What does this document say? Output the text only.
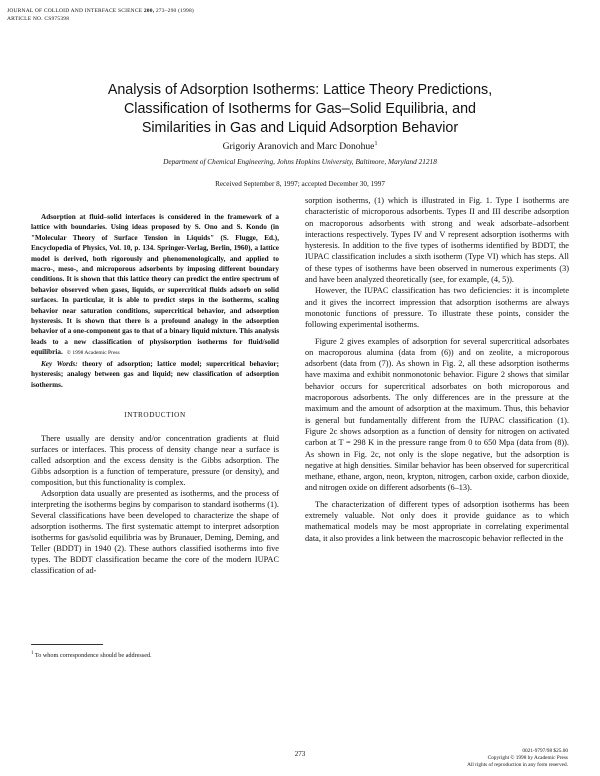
JOURNAL OF COLLOID AND INTERFACE SCIENCE 200, 273–290 (1998)
ARTICLE NO. CS975398
Analysis of Adsorption Isotherms: Lattice Theory Predictions,
Classification of Isotherms for Gas–Solid Equilibria, and
Similarities in Gas and Liquid Adsorption Behavior
Grigoriy Aranovich and Marc Donohue$^1$
Department of Chemical Engineering, Johns Hopkins University, Baltimore, Maryland 21218
Received September 8, 1997; accepted December 30, 1997

Adsorption at fluid–solid interfaces is considered in the framework of a lattice with boundaries. Using ideas proposed by S. Ono and S. Kondo (in "Molecular Theory of Surface Tension in Liquids" (S. Flugge, Ed.), Encyclopedia of Physics, Vol. 10, p. 134. Springer-Verlag, Berlin, 1960), a lattice model is derived, both rigorously and phenomenologically, and applied to macro-, meso-, and microporous adsorbents by imposing different boundary conditions. It is shown that this lattice theory can predict the entire spectrum of behavior observed when gases, liquids, or supercritical fluids adsorb on solid surfaces. In particular, it is able to predict steps in the isotherms, scaling behavior near saturation conditions, supercritical behavior, and adsorption hysteresis. It is shown that there is a profound analogy in the adsorption behavior of a one-component gas to that of a binary liquid mixture. This analysis leads to a new classification of physisorption isotherms for fluid/solid equilibria. © 1998 Academic Press

Key Words: theory of adsorption; lattice model; supercritical behavior; hysteresis; analogy between gas and liquid; new classification of adsorption isotherms.

INTRODUCTION

There usually are density and/or concentration gradients at fluid surfaces or interfaces. This process of density change near a surface is called adsorption and the excess density is the Gibbs adsorption. The Gibbs adsorption is a function of temperature, pressure (or density), and composition, but this functionality is complex.

Adsorption data usually are presented as isotherms, and the process of interpreting the isotherms begins by comparison to standard isotherms (1). Several classifications have been developed to characterize the shape of adsorption isotherms. The first systematic attempt to interpret adsorption isotherms for gas/solid equilibria was by Brunauer, Deming, Deming, and Teller (BDDT) in 1940 (2). These authors classified isotherms into five types. The BDDT classification became the core of the modern IUPAC classification of ad-

sorption isotherms, (1) which is illustrated in Fig. 1. Type I isotherms are characteristic of microporous adsorbents. Types II and III describe adsorption on macroporous adsorbents with strong and weak adsorbate–adsorbent interactions respectively. Types IV and V represent adsorption isotherms with hysteresis. In addition to the five types of isotherms identified by BDDT, the IUPAC classification includes a sixth isotherm (Type VI) which has steps. All of these types of isotherms have been observed in numerous experiments (3) and have been analyzed theoretically (see, for example, (4, 5)).

However, the IUPAC classification has two deficiencies: it is incomplete and it gives the incorrect impression that adsorption isotherms are always monotonic functions of pressure. To illustrate these points, consider the following experimental isotherms.

Figure 2 gives examples of adsorption for several supercritical adsorbates on macroporous alumina (data from (6)) and on zeolite, a microporous adsorbent (data from (7)). As shown in Fig. 2, all these adsorption isotherms have maxima and exhibit nonmonotonic behavior. Figure 2 shows that similar behavior occurs for supercritical adsorbates on both microporous and macroporous adsorbents. The only differences are in the pressure at the maximum and the amount of adsorption at the maximum. Thus, this behavior is general but fundamentally different from the IUPAC classification (1). Figure 2c shows adsorption as a function of density for nitrogen on activated carbon at T = 298 K in the pressure range from 0 to 650 Mpa (data from (8)). As shown in Fig. 2c, not only is the slope negative, but the adsorption is negative at high densities. Similar behavior has been observed for supercritical methane, ethane, argon, neon, krypton, nitrogen, carbon oxide, carbon dioxide, and nitrogen oxide on different adsorbents (6–13).

The characterization of different types of adsorption isotherms has been extremely valuable. Not only does it provide guidance as to which mathematical models may be most appropriate in correlating experimental data, it also provides a link between the macroscopic behavior reflected in the

$^1$ To whom correspondence should be addressed.
273	0021-9797/98 $25.00
Copyright © 1998 by Academic Press
All rights of reproduction in any form reserved.
